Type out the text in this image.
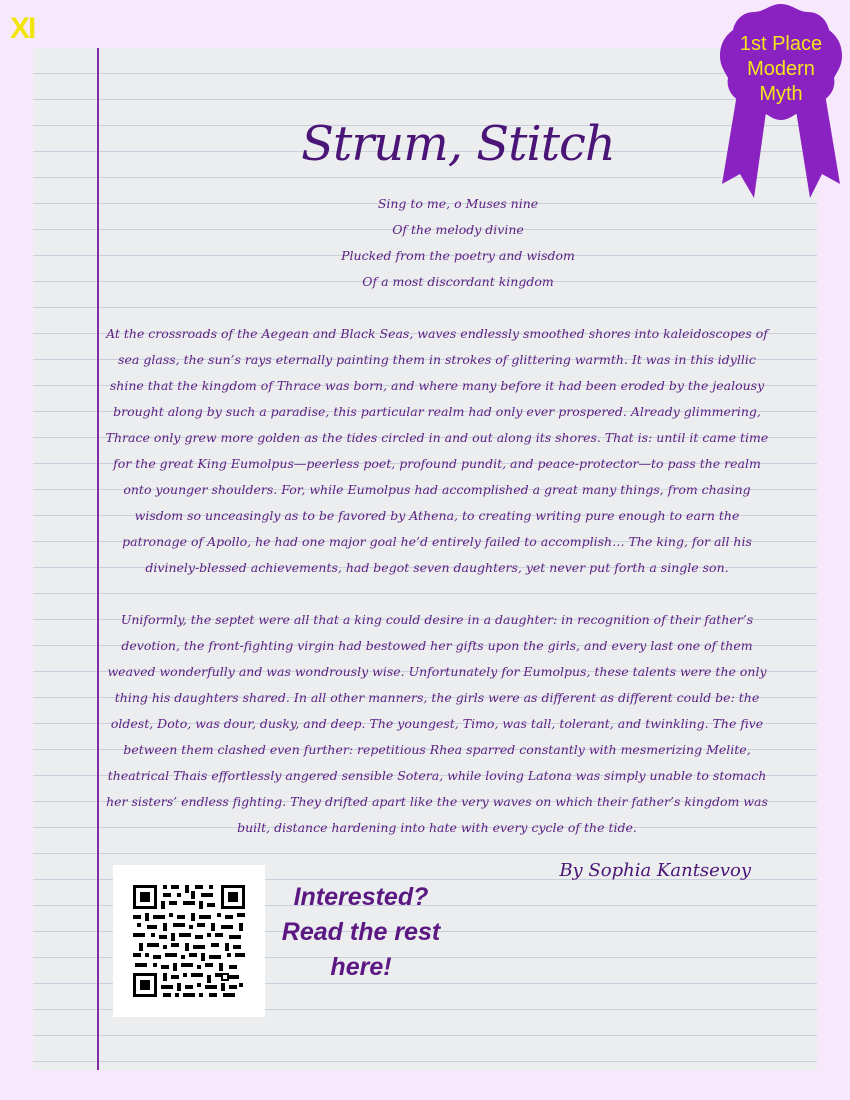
XI
Strum, Stitch
Sing to me, o Muses nine
Of the melody divine
Plucked from the poetry and wisdom
Of a most discordant kingdom
At the crossroads of the Aegean and Black Seas, waves endlessly smoothed shores into kaleidoscopes of sea glass, the sun’s rays eternally painting them in strokes of glittering warmth. It was in this idyllic shine that the kingdom of Thrace was born, and where many before it had been eroded by the jealousy brought along by such a paradise, this particular realm had only ever prospered. Already glimmering, Thrace only grew more golden as the tides circled in and out along its shores. That is: until it came time for the great King Eumolpus—peerless poet, profound pundit, and peace-protector—to pass the realm onto younger shoulders. For, while Eumolpus had accomplished a great many things, from chasing wisdom so unceasingly as to be favored by Athena, to creating writing pure enough to earn the patronage of Apollo, he had one major goal he’d entirely failed to accomplish… The king, for all his divinely-blessed achievements, had begot seven daughters, yet never put forth a single son.
Uniformly, the septet were all that a king could desire in a daughter: in recognition of their father’s devotion, the front-fighting virgin had bestowed her gifts upon the girls, and every last one of them weaved wonderfully and was wondrously wise. Unfortunately for Eumolpus, these talents were the only thing his daughters shared. In all other manners, the girls were as different as different could be: the oldest, Doto, was dour, dusky, and deep. The youngest, Timo, was tall, tolerant, and twinkling. The five between them clashed even further: repetitious Rhea sparred constantly with mesmerizing Melite, theatrical Thais effortlessly angered sensible Sotera, while loving Latona was simply unable to stomach her sisters’ endless fighting. They drifted apart like the very waves on which their father’s kingdom was built, distance hardening into hate with every cycle of the tide.
By Sophia Kantsevoy
Interested?
Read the rest
here!
1st Place
Modern
Myth
